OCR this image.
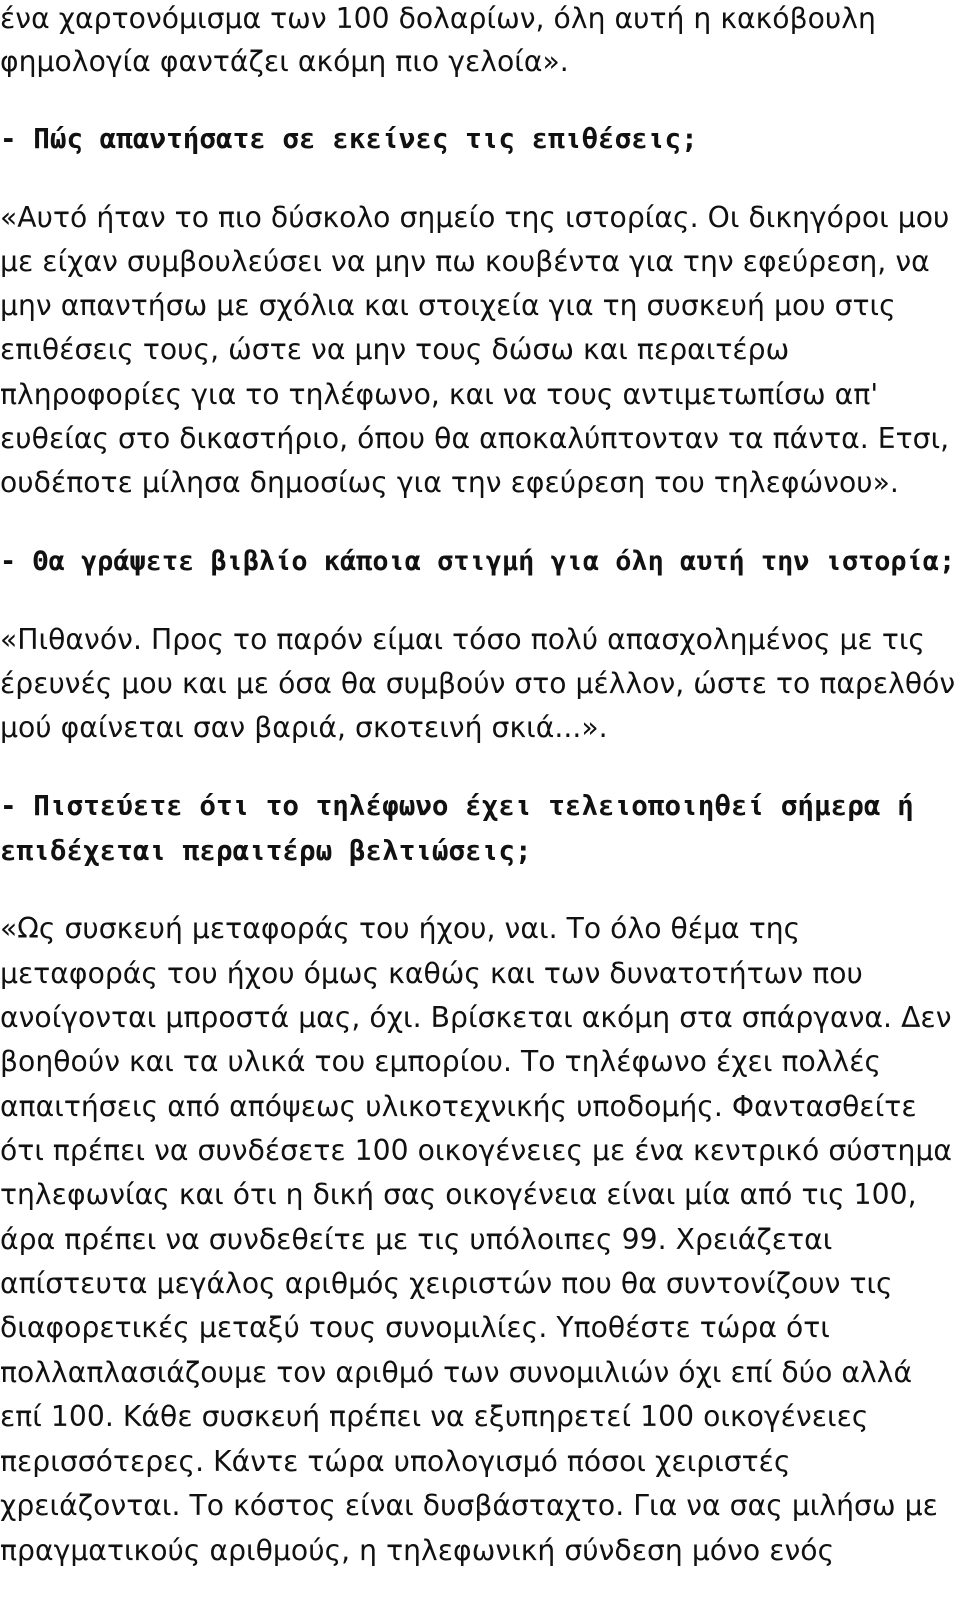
ένα χαρτονόμισμα των 100 δολαρίων, όλη αυτή η κακόβουλη
φημολογία φαντάζει ακόμη πιο γελοία».
- Πώς απαντήσατε σε εκείνες τις επιθέσεις;
«Αυτό ήταν το πιο δύσκολο σημείο της ιστορίας. Οι δικηγόροι μου
με είχαν συμβουλεύσει να μην πω κουβέντα για την εφεύρεση, να
μην απαντήσω με σχόλια και στοιχεία για τη συσκευή μου στις
επιθέσεις τους, ώστε να μην τους δώσω και περαιτέρω
πληροφορίες για το τηλέφωνο, και να τους αντιμετωπίσω απ'
ευθείας στο δικαστήριο, όπου θα αποκαλύπτονταν τα πάντα. Ετσι,
ουδέποτε μίλησα δημοσίως για την εφεύρεση του τηλεφώνου».
- Θα γράψετε βιβλίο κάποια στιγμή για όλη αυτή την ιστορία;
«Πιθανόν. Προς το παρόν είμαι τόσο πολύ απασχολημένος με τις
έρευνές μου και με όσα θα συμβούν στο μέλλον, ώστε το παρελθόν
μού φαίνεται σαν βαριά, σκοτεινή σκιά...».
- Πιστεύετε ότι το τηλέφωνο έχει τελειοποιηθεί σήμερα ή
επιδέχεται περαιτέρω βελτιώσεις;
«Ως συσκευή μεταφοράς του ήχου, ναι. Το όλο θέμα της
μεταφοράς του ήχου όμως καθώς και των δυνατοτήτων που
ανοίγονται μπροστά μας, όχι. Βρίσκεται ακόμη στα σπάργανα. Δεν
βοηθούν και τα υλικά του εμπορίου. Το τηλέφωνο έχει πολλές
απαιτήσεις από απόψεως υλικοτεχνικής υποδομής. Φαντασθείτε
ότι πρέπει να συνδέσετε 100 οικογένειες με ένα κεντρικό σύστημα
τηλεφωνίας και ότι η δική σας οικογένεια είναι μία από τις 100,
άρα πρέπει να συνδεθείτε με τις υπόλοιπες 99. Χρειάζεται
απίστευτα μεγάλος αριθμός χειριστών που θα συντονίζουν τις
διαφορετικές μεταξύ τους συνομιλίες. Υποθέστε τώρα ότι
πολλαπλασιάζουμε τον αριθμό των συνομιλιών όχι επί δύο αλλά
επί 100. Κάθε συσκευή πρέπει να εξυπηρετεί 100 οικογένειες
περισσότερες. Κάντε τώρα υπολογισμό πόσοι χειριστές
χρειάζονται. Το κόστος είναι δυσβάσταχτο. Για να σας μιλήσω με
πραγματικούς αριθμούς, η τηλεφωνική σύνδεση μόνο ενός
